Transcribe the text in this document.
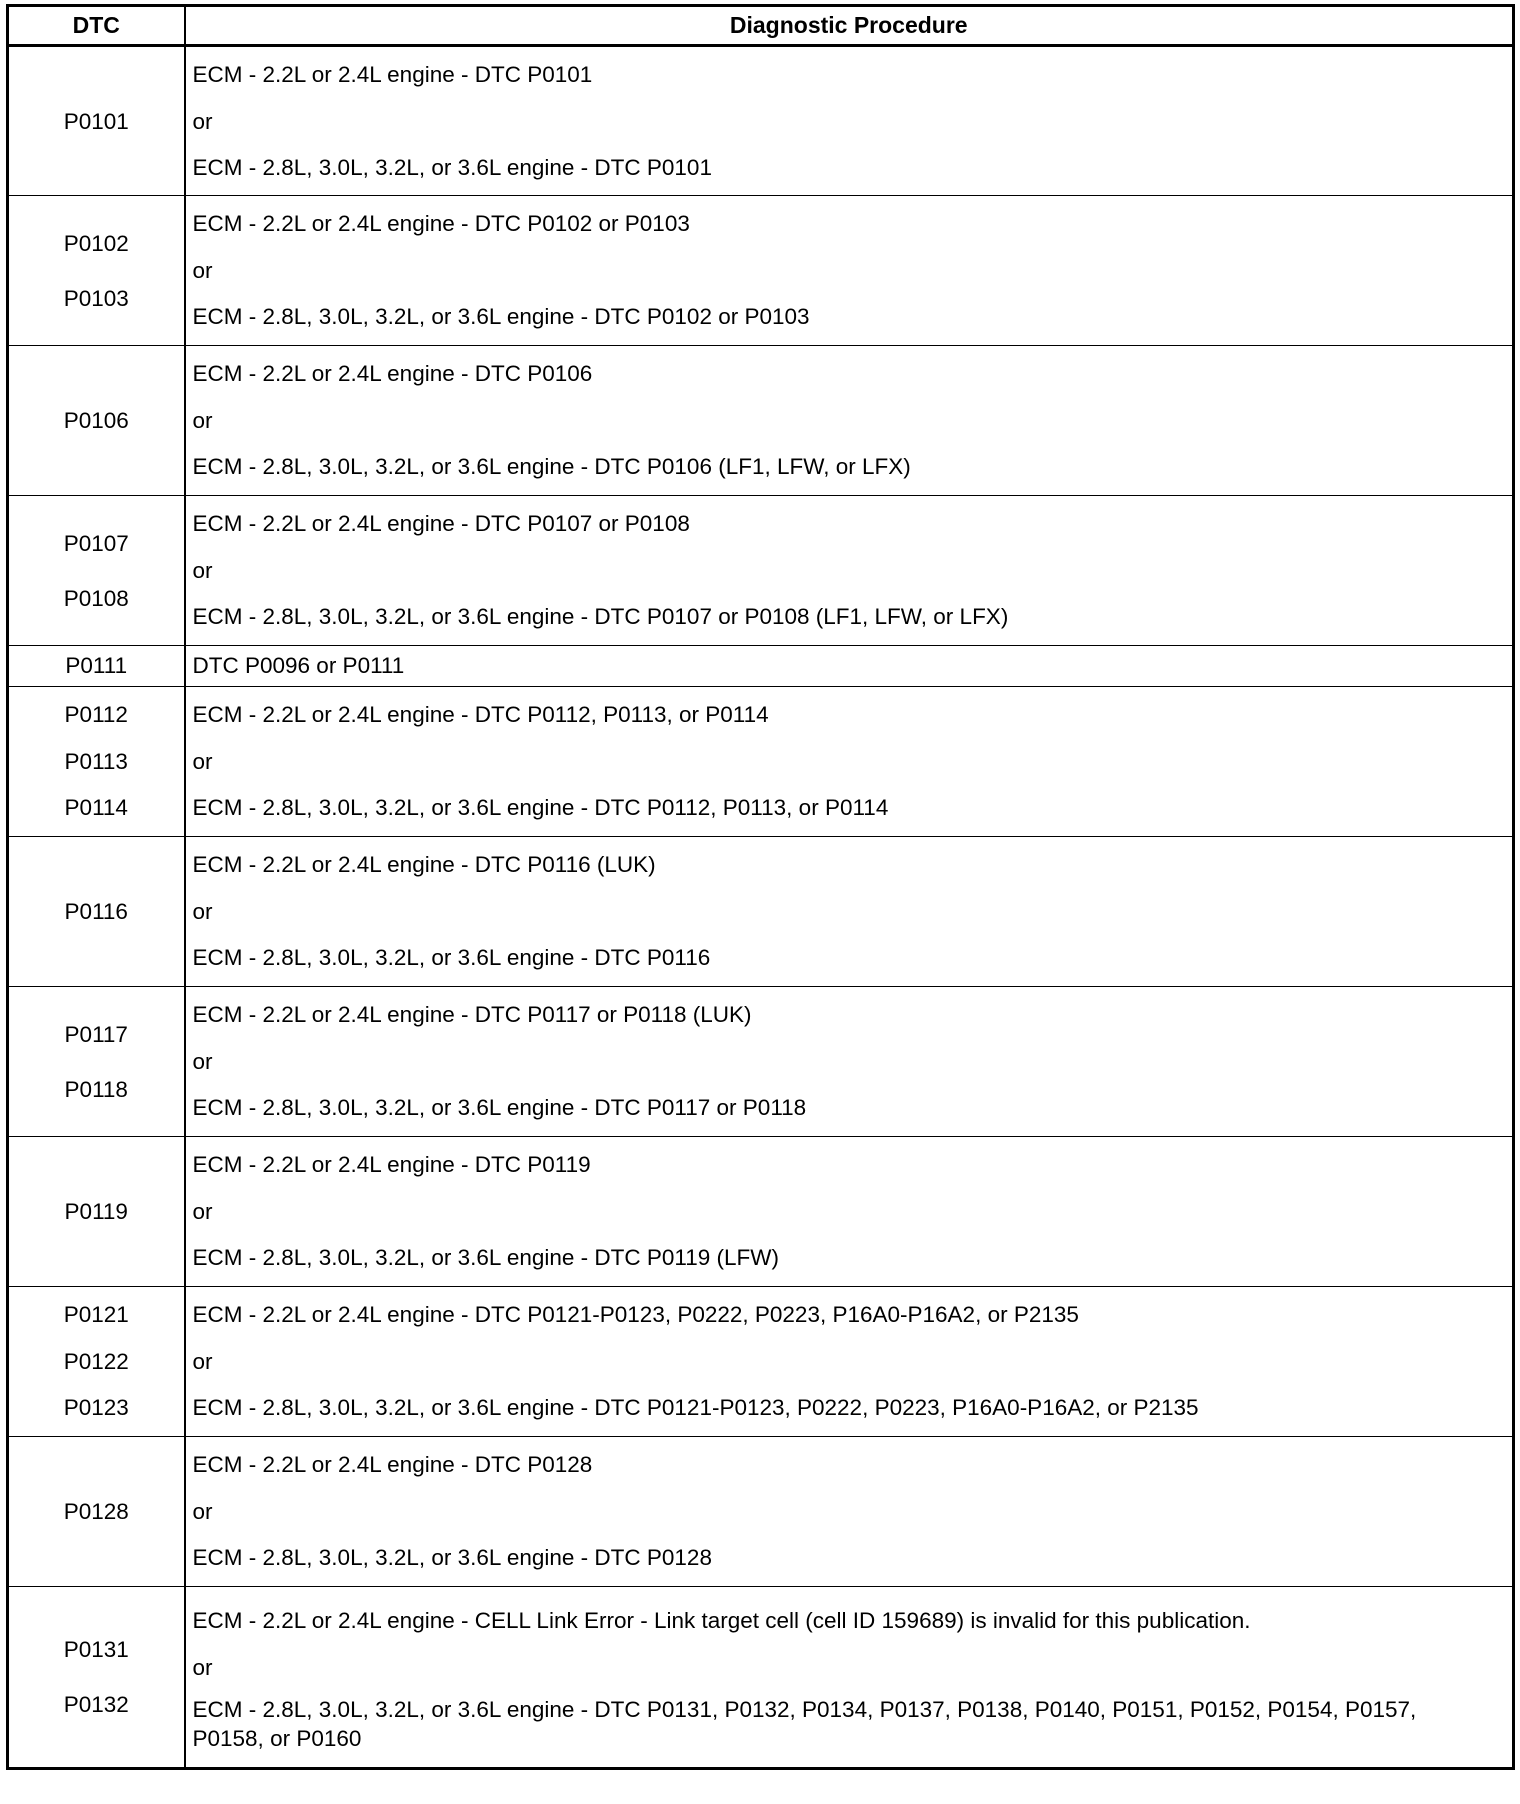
DTC	Diagnostic Procedure

P0101	ECM - 2.2L or 2.4L engine - DTC P0101
or
ECM - 2.8L, 3.0L, 3.2L, or 3.6L engine - DTC P0101

P0102
P0103	ECM - 2.2L or 2.4L engine - DTC P0102 or P0103
or
ECM - 2.8L, 3.0L, 3.2L, or 3.6L engine - DTC P0102 or P0103

P0106	ECM - 2.2L or 2.4L engine - DTC P0106
or
ECM - 2.8L, 3.0L, 3.2L, or 3.6L engine - DTC P0106 (LF1, LFW, or LFX)

P0107
P0108	ECM - 2.2L or 2.4L engine - DTC P0107 or P0108
or
ECM - 2.8L, 3.0L, 3.2L, or 3.6L engine - DTC P0107 or P0108 (LF1, LFW, or LFX)

P0111	DTC P0096 or P0111

P0112
P0113
P0114	ECM - 2.2L or 2.4L engine - DTC P0112, P0113, or P0114
or
ECM - 2.8L, 3.0L, 3.2L, or 3.6L engine - DTC P0112, P0113, or P0114

P0116	ECM - 2.2L or 2.4L engine - DTC P0116 (LUK)
or
ECM - 2.8L, 3.0L, 3.2L, or 3.6L engine - DTC P0116

P0117
P0118	ECM - 2.2L or 2.4L engine - DTC P0117 or P0118 (LUK)
or
ECM - 2.8L, 3.0L, 3.2L, or 3.6L engine - DTC P0117 or P0118

P0119	ECM - 2.2L or 2.4L engine - DTC P0119
or
ECM - 2.8L, 3.0L, 3.2L, or 3.6L engine - DTC P0119 (LFW)

P0121
P0122
P0123	ECM - 2.2L or 2.4L engine - DTC P0121-P0123, P0222, P0223, P16A0-P16A2, or P2135
or
ECM - 2.8L, 3.0L, 3.2L, or 3.6L engine - DTC P0121-P0123, P0222, P0223, P16A0-P16A2, or P2135

P0128	ECM - 2.2L or 2.4L engine - DTC P0128
or
ECM - 2.8L, 3.0L, 3.2L, or 3.6L engine - DTC P0128

P0131
P0132	ECM - 2.2L or 2.4L engine - CELL Link Error - Link target cell (cell ID 159689) is invalid for this publication.
or
ECM - 2.8L, 3.0L, 3.2L, or 3.6L engine - DTC P0131, P0132, P0134, P0137, P0138, P0140, P0151, P0152, P0154, P0157, P0158, or P0160
